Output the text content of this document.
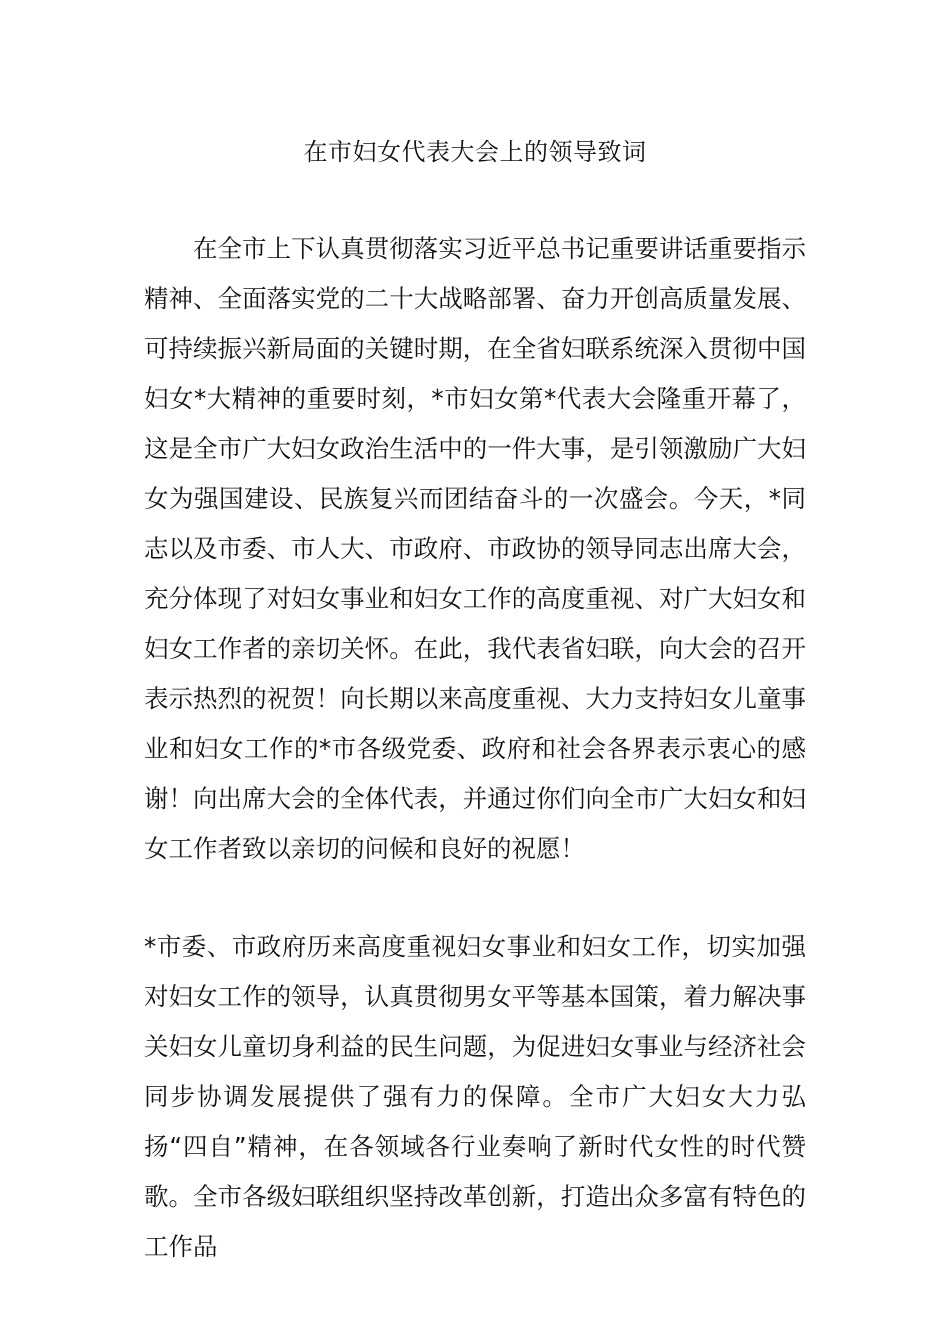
在市妇女代表大会上的领导致词

在全市上下认真贯彻落实习近平总书记重要讲话重要指示精神、全面落实党的二十大战略部署、奋力开创高质量发展、可持续振兴新局面的关键时期，在全省妇联系统深入贯彻中国妇女*大精神的重要时刻，*市妇女第*代表大会隆重开幕了，这是全市广大妇女政治生活中的一件大事，是引领激励广大妇女为强国建设、民族复兴而团结奋斗的一次盛会。今天，*同志以及市委、市人大、市政府、市政协的领导同志出席大会，充分体现了对妇女事业和妇女工作的高度重视、对广大妇女和妇女工作者的亲切关怀。在此，我代表省妇联，向大会的召开表示热烈的祝贺！向长期以来高度重视、大力支持妇女儿童事业和妇女工作的*市各级党委、政府和社会各界表示衷心的感谢！向出席大会的全体代表，并通过你们向全市广大妇女和妇女工作者致以亲切的问候和良好的祝愿！

*市委、市政府历来高度重视妇女事业和妇女工作，切实加强对妇女工作的领导，认真贯彻男女平等基本国策，着力解决事关妇女儿童切身利益的民生问题，为促进妇女事业与经济社会同步协调发展提供了强有力的保障。全市广大妇女大力弘扬“四自”精神，在各领域各行业奏响了新时代女性的时代赞歌。全市各级妇联组织坚持改革创新，打造出众多富有特色的工作品
